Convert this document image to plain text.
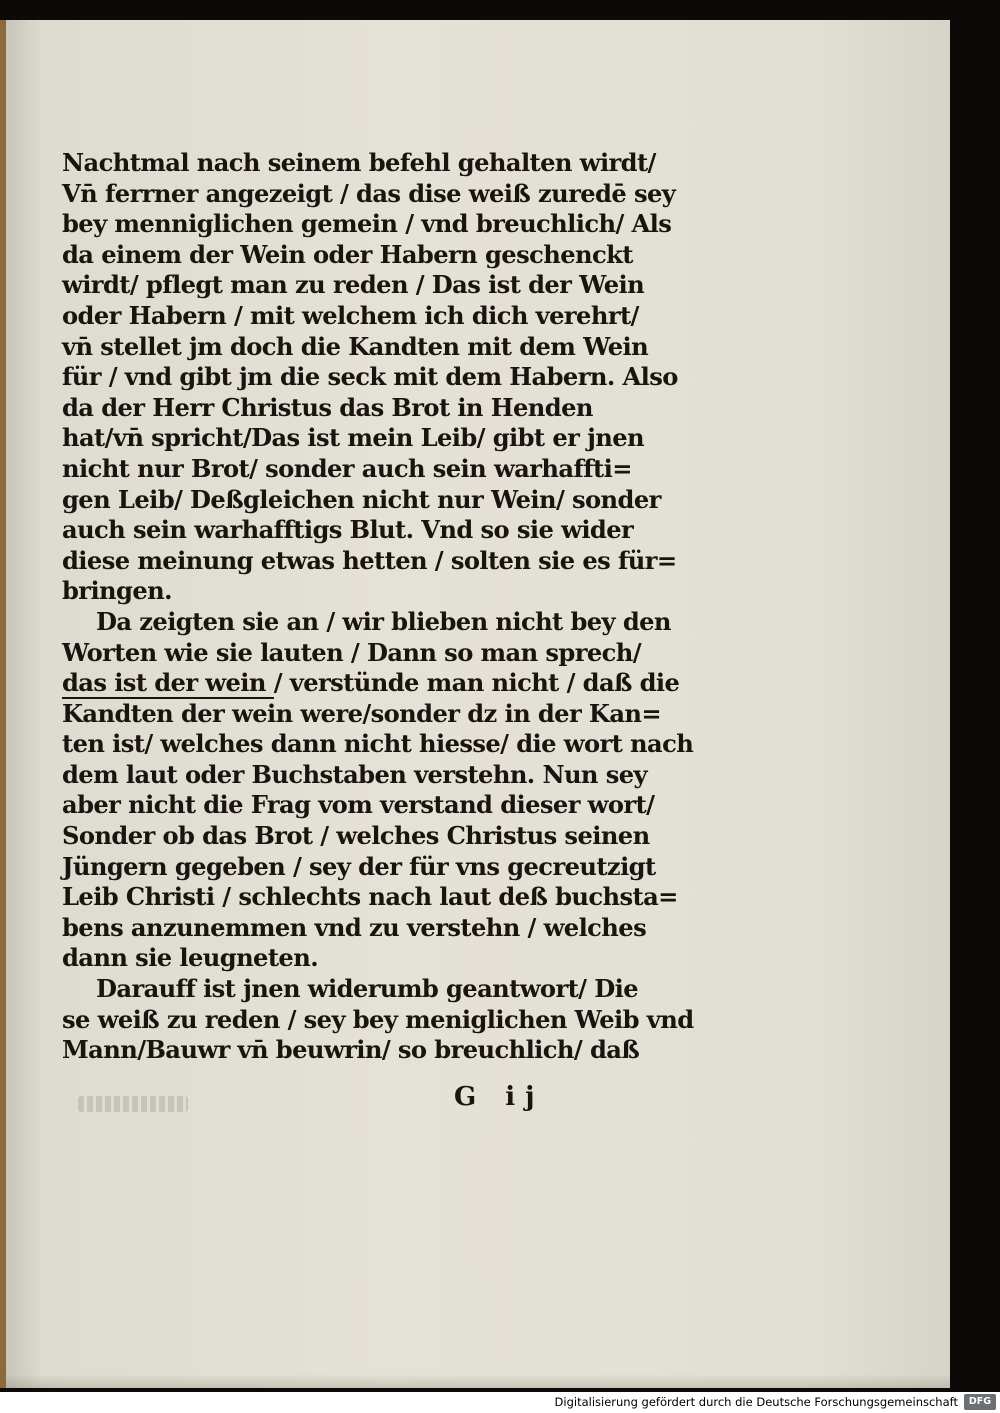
Nachtmal nach seinem befehl gehalten wirdt/
Vn̄ ferrner angezeigt / das dise weiß zuredē sey
bey menniglichen gemein / vnd breuchlich/ Als
da einem der Wein oder Habern geschenckt
wirdt/ pflegt man zu reden / Das ist der Wein
oder Habern / mit welchem ich dich verehrt/
vn̄ stellet jm doch die Kandten mit dem Wein
für / vnd gibt jm die seck mit dem Habern. Also
da der Herr Christus das Brot in Henden
hat/vn̄ spricht/Das ist mein Leib/ gibt er jnen
nicht nur Brot/ sonder auch sein warhaffti=
gen Leib/ Deßgleichen nicht nur Wein/ sonder
auch sein warhafftigs Blut. Vnd so sie wider
diese meinung etwas hetten / solten sie es für=
bringen.
Da zeigten sie an / wir blieben nicht bey den
Worten wie sie lauten / Dann so man sprech/
das ist der wein / verstünde man nicht / daß die
Kandten der wein were/sonder dz in der Kan=
ten ist/ welches dann nicht hiesse/ die wort nach
dem laut oder Buchstaben verstehn. Nun sey
aber nicht die Frag vom verstand dieser wort/
Sonder ob das Brot / welches Christus seinen
Jüngern gegeben / sey der für vns gecreutzigt
Leib Christi / schlechts nach laut deß buchsta=
bens anzunemmen vnd zu verstehn / welches
dann sie leugneten.
Darauff ist jnen widerumb geantwort/ Die
se weiß zu reden / sey bey meniglichen Weib vnd
Mann/Bauwr vn̄ beuwrin/ so breuchlich/ daß
G ij
Digitalisierung gefördert durch die Deutsche Forschungsgemeinschaft	DFG
